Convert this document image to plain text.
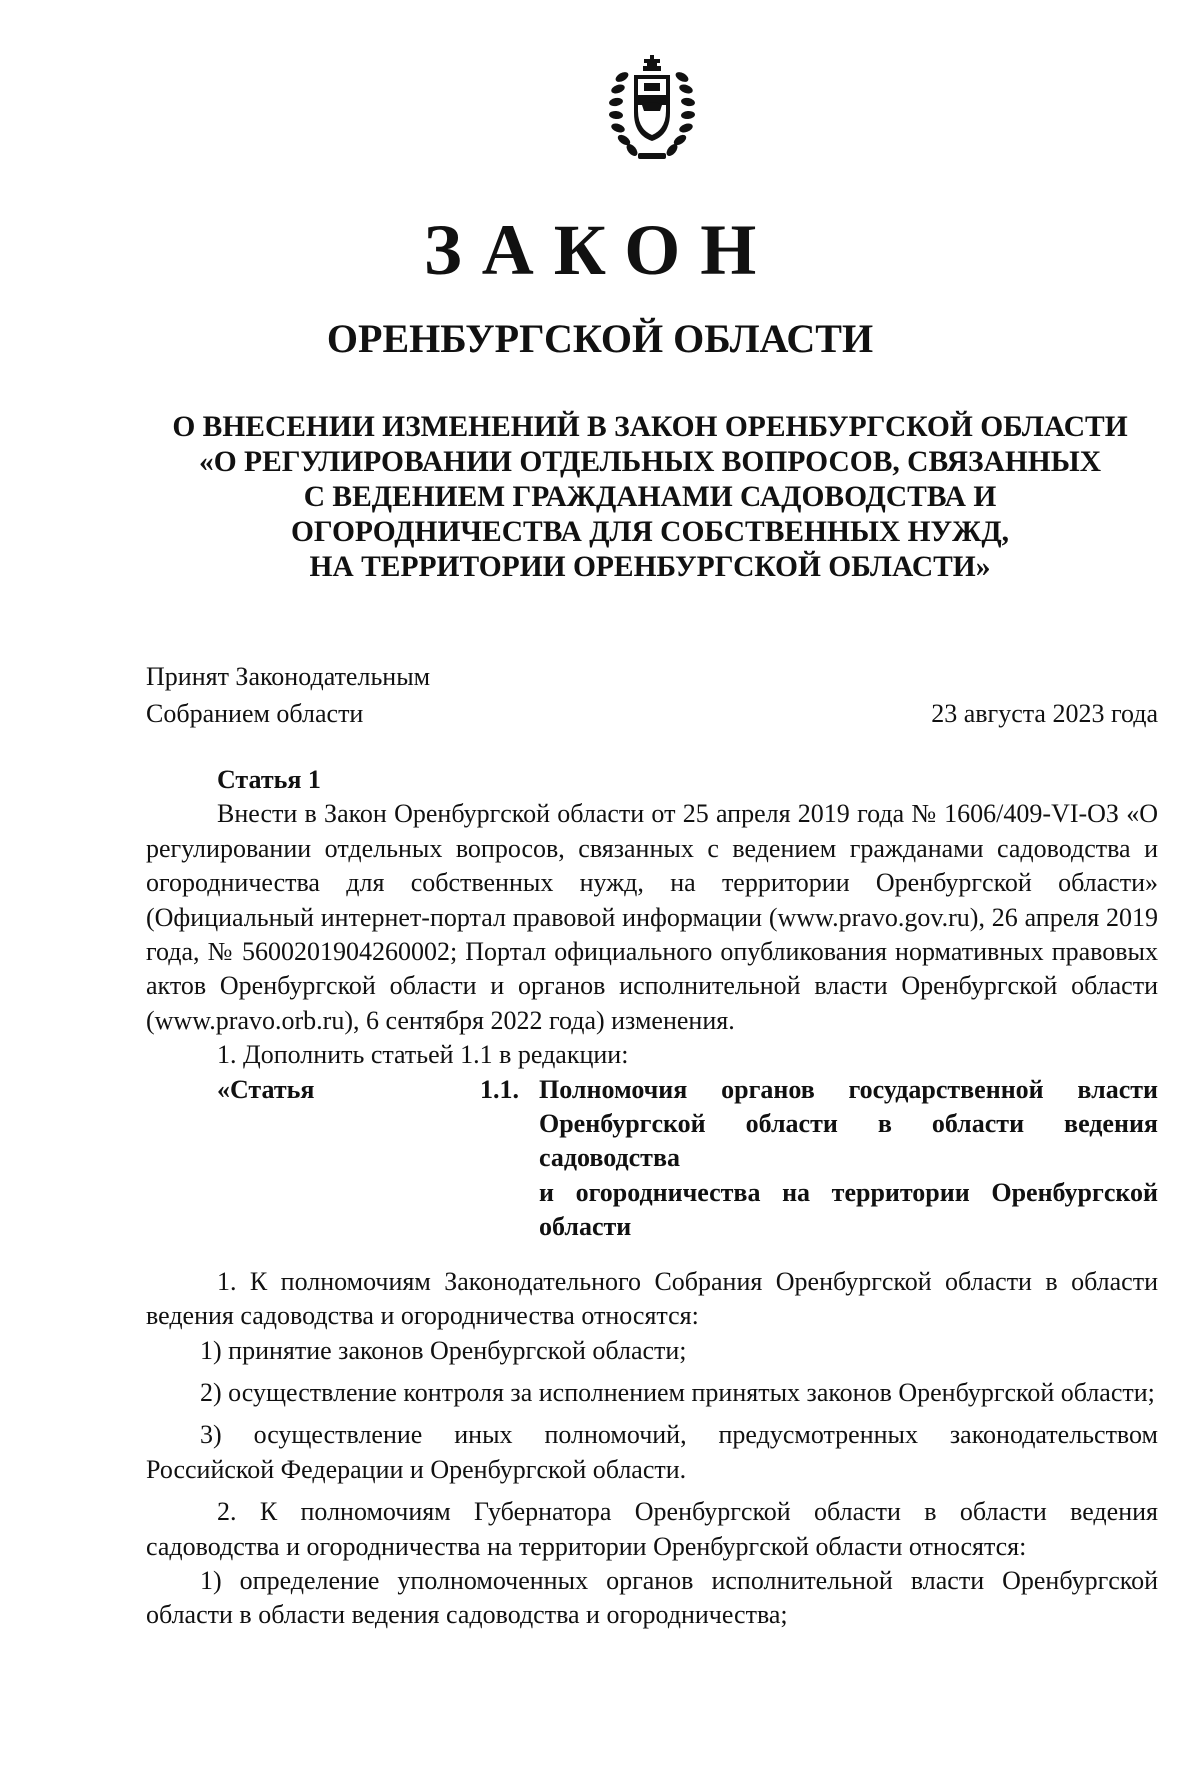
ЗАКОН
ОРЕНБУРГСКОЙ ОБЛАСТИ
О ВНЕСЕНИИ ИЗМЕНЕНИЙ В ЗАКОН ОРЕНБУРГСКОЙ ОБЛАСТИ
«О РЕГУЛИРОВАНИИ ОТДЕЛЬНЫХ ВОПРОСОВ, СВЯЗАННЫХ
С ВЕДЕНИЕМ ГРАЖДАНАМИ САДОВОДСТВА И
ОГОРОДНИЧЕСТВА ДЛЯ СОБСТВЕННЫХ НУЖД,
НА ТЕРРИТОРИИ ОРЕНБУРГСКОЙ ОБЛАСТИ»
Принят Законодательным
Собранием области	23 августа 2023 года

Статья 1

Внести в Закон Оренбургской области от 25 апреля 2019 года № 1606/409-VI-ОЗ «О регулировании отдельных вопросов, связанных с ведением гражданами садоводства и огородничества для собственных нужд, на территории Оренбургской области» (Официальный интернет-портал правовой информации (www.pravo.gov.ru), 26 апреля 2019 года, № 5600201904260002; Портал официального опубликования нормативных правовых актов Оренбургской области и органов исполнительной власти Оренбургской области (www.pravo.orb.ru), 6 сентября 2022 года) изменения.

1. Дополнить статьей 1.1 в редакции:

«Статья	1.1. Полномочия органов государственной власти
Оренбургской области в области ведения садоводства
и огородничества на территории Оренбургской
области

1. К полномочиям Законодательного Собрания Оренбургской области в области ведения садоводства и огородничества относятся:

1) принятие законов Оренбургской области;

2) осуществление контроля за исполнением принятых законов Оренбургской области;

3) осуществление иных полномочий, предусмотренных законодательством Российской Федерации и Оренбургской области.

2. К полномочиям Губернатора Оренбургской области в области ведения садоводства и огородничества на территории Оренбургской области относятся:

1) определение уполномоченных органов исполнительной власти Оренбургской области в области ведения садоводства и огородничества;
